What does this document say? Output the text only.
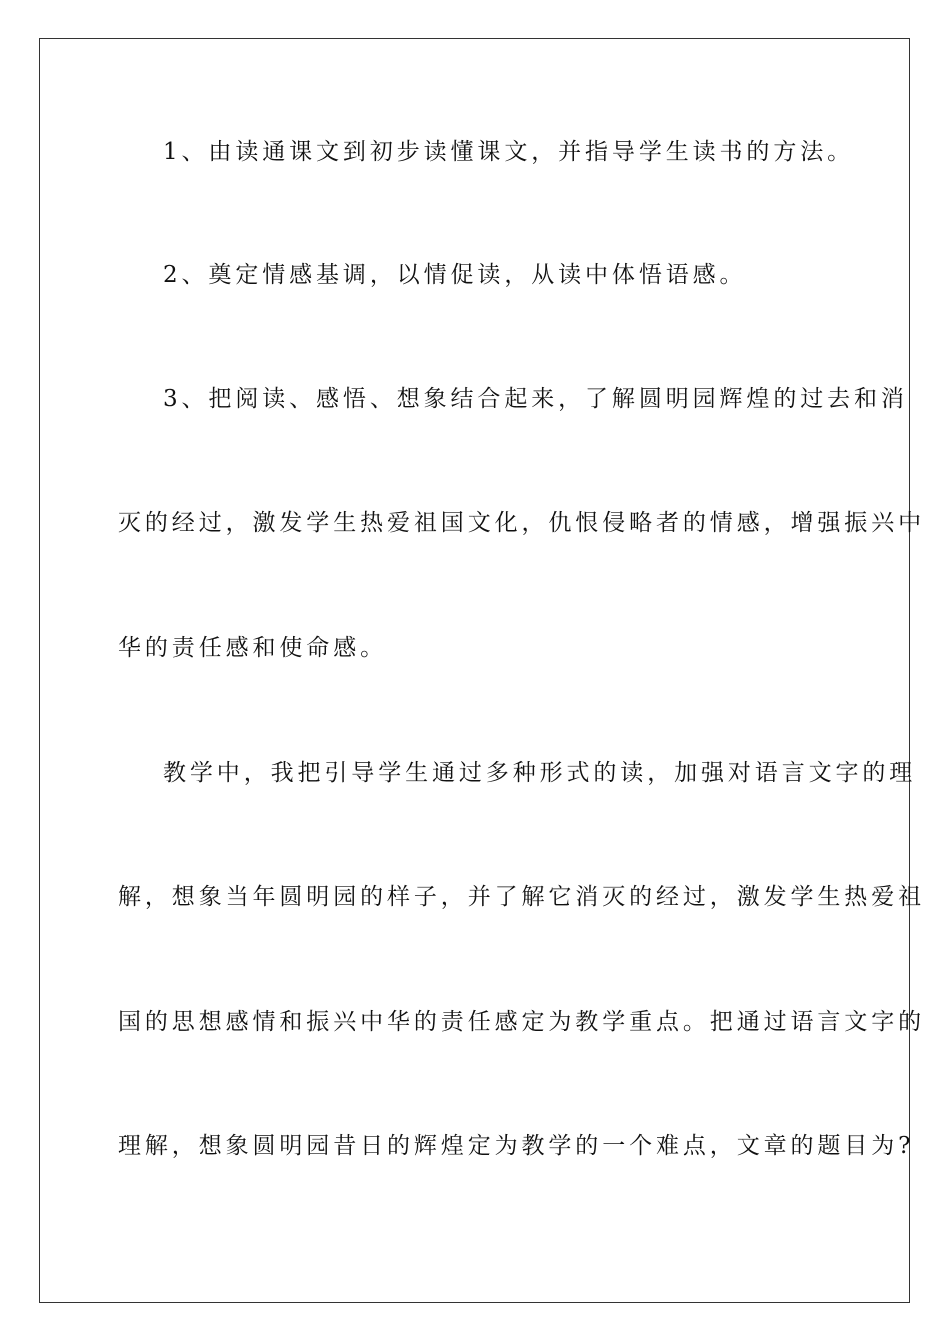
1、由读通课文到初步读懂课文，并指导学生读书的方法。
2、奠定情感基调，以情促读，从读中体悟语感。
3、把阅读、感悟、想象结合起来，了解圆明园辉煌的过去和消
灭的经过，激发学生热爱祖国文化，仇恨侵略者的情感，增强振兴中
华的责任感和使命感。
教学中，我把引导学生通过多种形式的读，加强对语言文字的理
解，想象当年圆明园的样子，并了解它消灭的经过，激发学生热爱祖
国的思想感情和振兴中华的责任感定为教学重点。把通过语言文字的
理解，想象圆明园昔日的辉煌定为教学的一个难点，文章的题目为?
